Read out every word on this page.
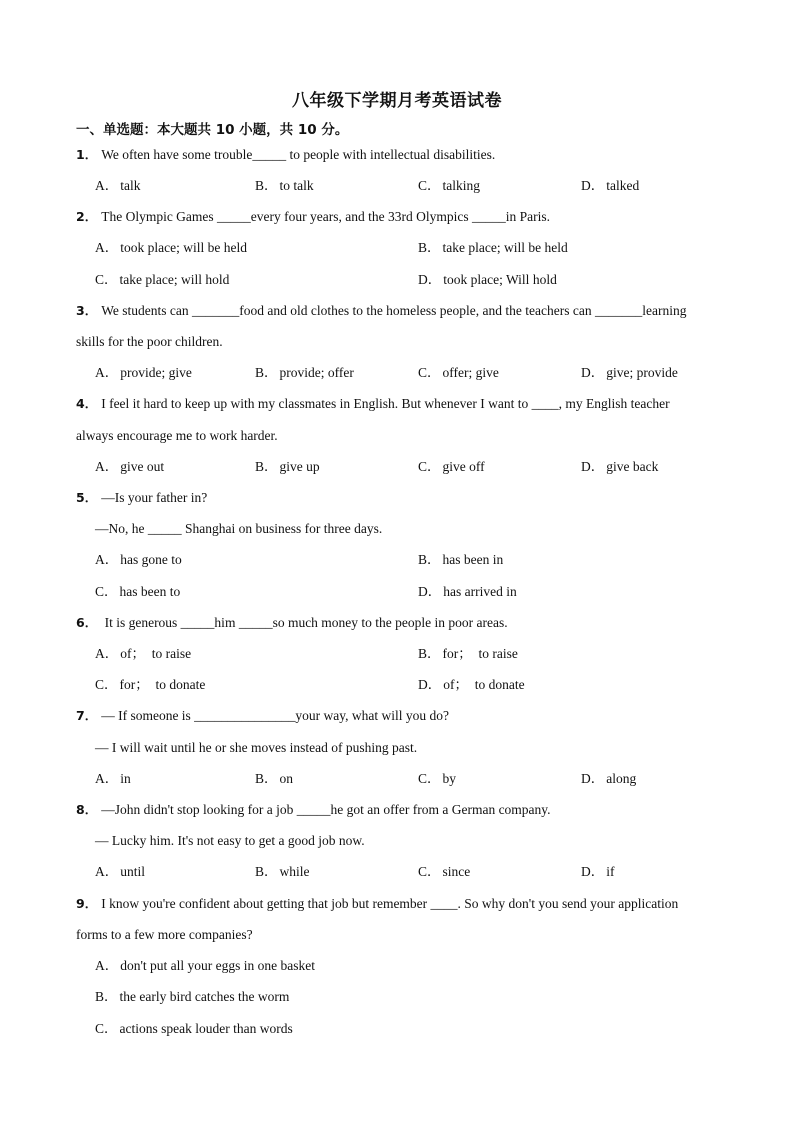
八年级下学期月考英语试卷
一、单选题：本大题共 10 小题，共 10 分。
1． We often have some trouble_____ to people with intellectual disabilities.
A． talk	B． to talk	C． talking	D． talked
2． The Olympic Games _____every four years, and the 33rd Olympics _____in Paris.
A． took place; will be held	B． take place; will be held
C． take place; will hold	D． took place; Will hold
3． We students can _______food and old clothes to the homeless people, and the teachers can _______learning
skills for the poor children.
A． provide; give	B． provide; offer	C． offer; give	D． give; provide
4． I feel it hard to keep up with my classmates in English. But whenever I want to ____, my English teacher
always encourage me to work harder.
A． give out	B． give up	C． give off	D． give back
5． —Is your father in?
—No, he _____ Shanghai on business for three days.
A． has gone to	B． has been in
C． has been to	D． has arrived in
6． It is generous _____him _____so much money to the people in poor areas.
A． of；  to raise	B． for；  to raise
C． for；  to donate	D． of；  to donate
7． — If someone is _______________your way, what will you do?
— I will wait until he or she moves instead of pushing past.
A． in	B． on	C． by	D． along
8． —John didn't stop looking for a job _____he got an offer from a German company.
— Lucky him. It's not easy to get a good job now.
A． until	B． while	C． since	D． if
9． I know you're confident about getting that job but remember ____. So why don't you send your application
forms to a few more companies?
A． don't put all your eggs in one basket
B． the early bird catches the worm
C． actions speak louder than words
